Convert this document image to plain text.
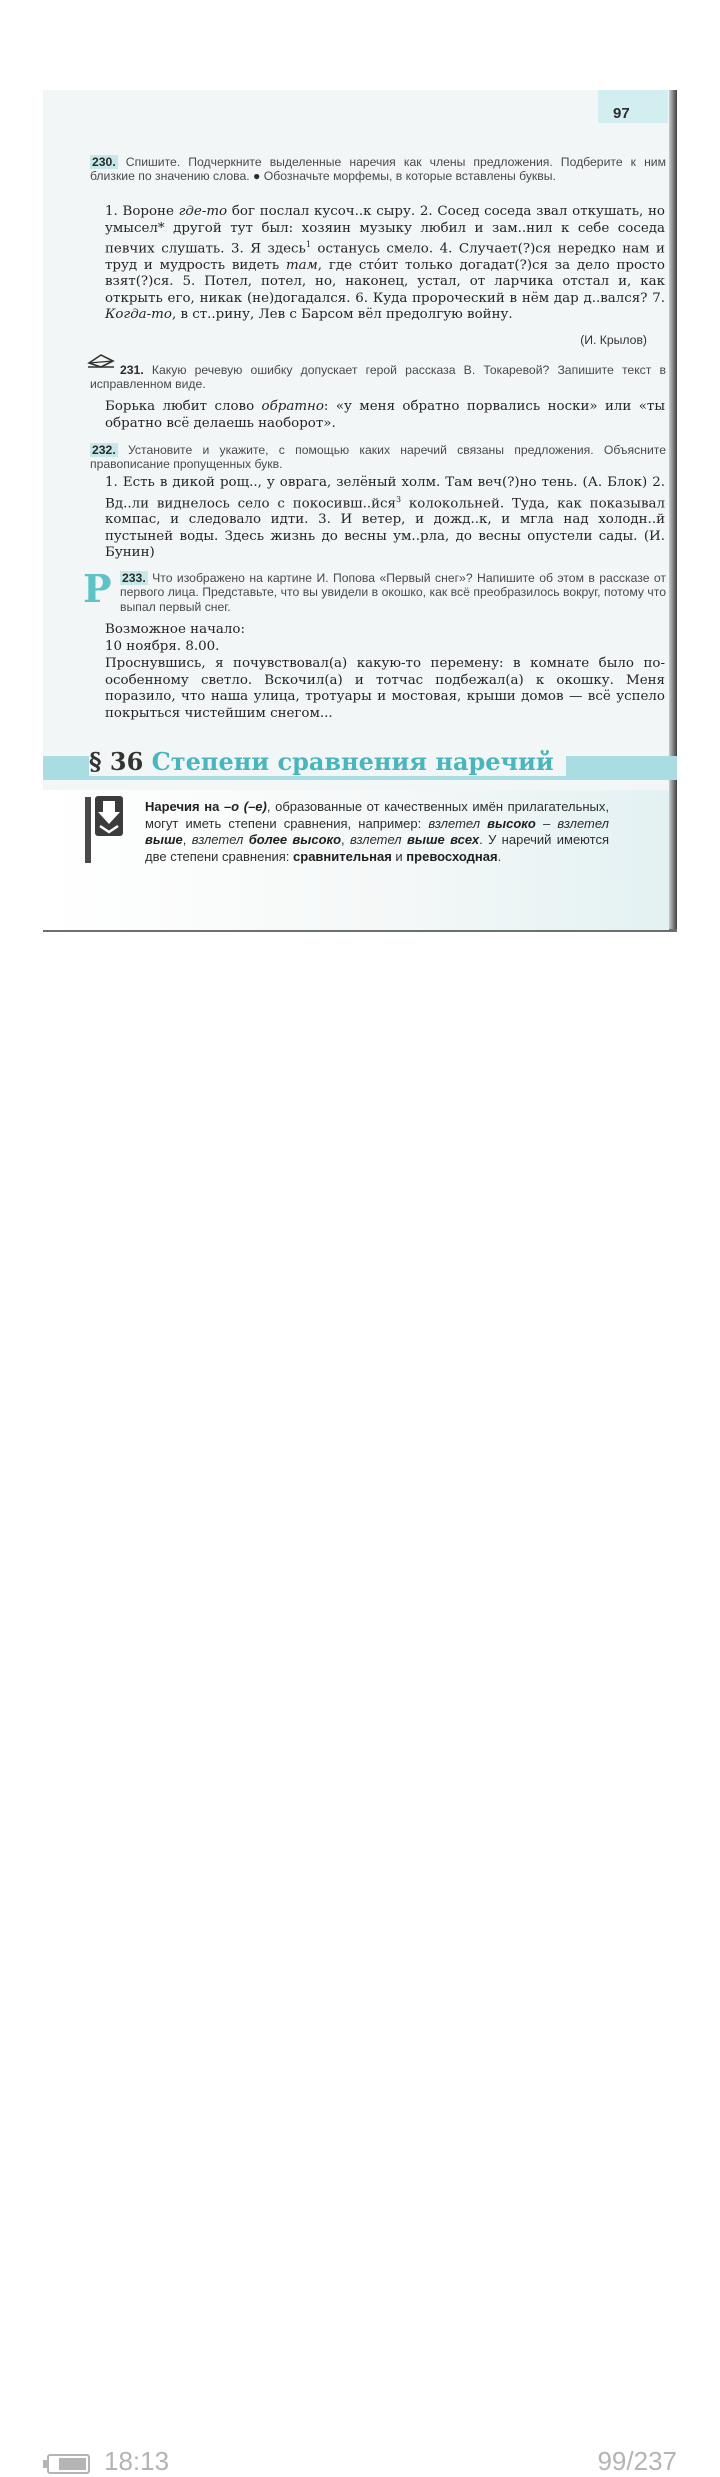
97
230. Спишите. Подчеркните выделенные наречия как члены предложения. Подберите к ним близкие по значению слова. ● Обозначьте морфемы, в которые вставлены буквы.

1. Вороне где-то бог послал кусоч..к сыру. 2. Сосед соседа звал откушать, но умысел* другой тут был: хозяин музыку любил и зам..нил к себе соседа певчих слушать. 3. Я здесь$^1$ останусь смело. 4. Случает(?)ся нередко нам и труд и мудрость видеть там, где стóит только догадат(?)ся за дело просто взят(?)ся. 5. Потел, потел, но, наконец, устал, от ларчика отстал и, как открыть его, никак (не)догадался. 6. Куда пророческий в нём дар д..вался? 7. Когда-то, в ст..рину, Лев с Барсом вёл предолгую войну.

(И. Крылов)
231. Какую речевую ошибку допускает герой рассказа В. Токаревой? Запишите текст в исправленном виде.

Борька любит слово обратно: «у меня обратно порвались носки» или «ты обратно всё делаешь наоборот».

232. Установите и укажите, с помощью каких наречий связаны предложения. Объясните правописание пропущенных букв.

1. Есть в дикой рощ.., у оврага, зелёный холм. Там веч(?)но тень. (А. Блок) 2. Вд..ли виднелось село с покосивш..йся$^3$ колокольней. Туда, как показывал компас, и следовало идти. 3. И ветер, и дожд..к, и мгла над холодн..й пустыней воды. Здесь жизнь до весны ум..рла, до весны опустели сады. (И. Бунин)

Р 233. Что изображено на картине И. Попова «Первый снег»? Напишите об этом в рассказе от первого лица. Представьте, что вы увидели в окошко, как всё преобразилось вокруг, потому что выпал первый снег.
Возможное начало:
10 ноября. 8.00.

Проснувшись, я почувствовал(а) какую-то перемену: в комнате было по-особенному светло. Вскочил(а) и тотчас подбежал(а) к окошку. Меня поразило, что наша улица, тротуары и мостовая, крыши домов — всё успело покрыться чистейшим снегом...

§ 36 Степени сравнения наречий
Наречия на –о (–е), образованные от качественных имён прилагательных, могут иметь степени сравнения, например: взлетел высоко – взлетел выше, взлетел более высоко, взлетел выше всех. У наречий имеются две степени сравнения: сравнительная и превосходная.
18:13	99/237
